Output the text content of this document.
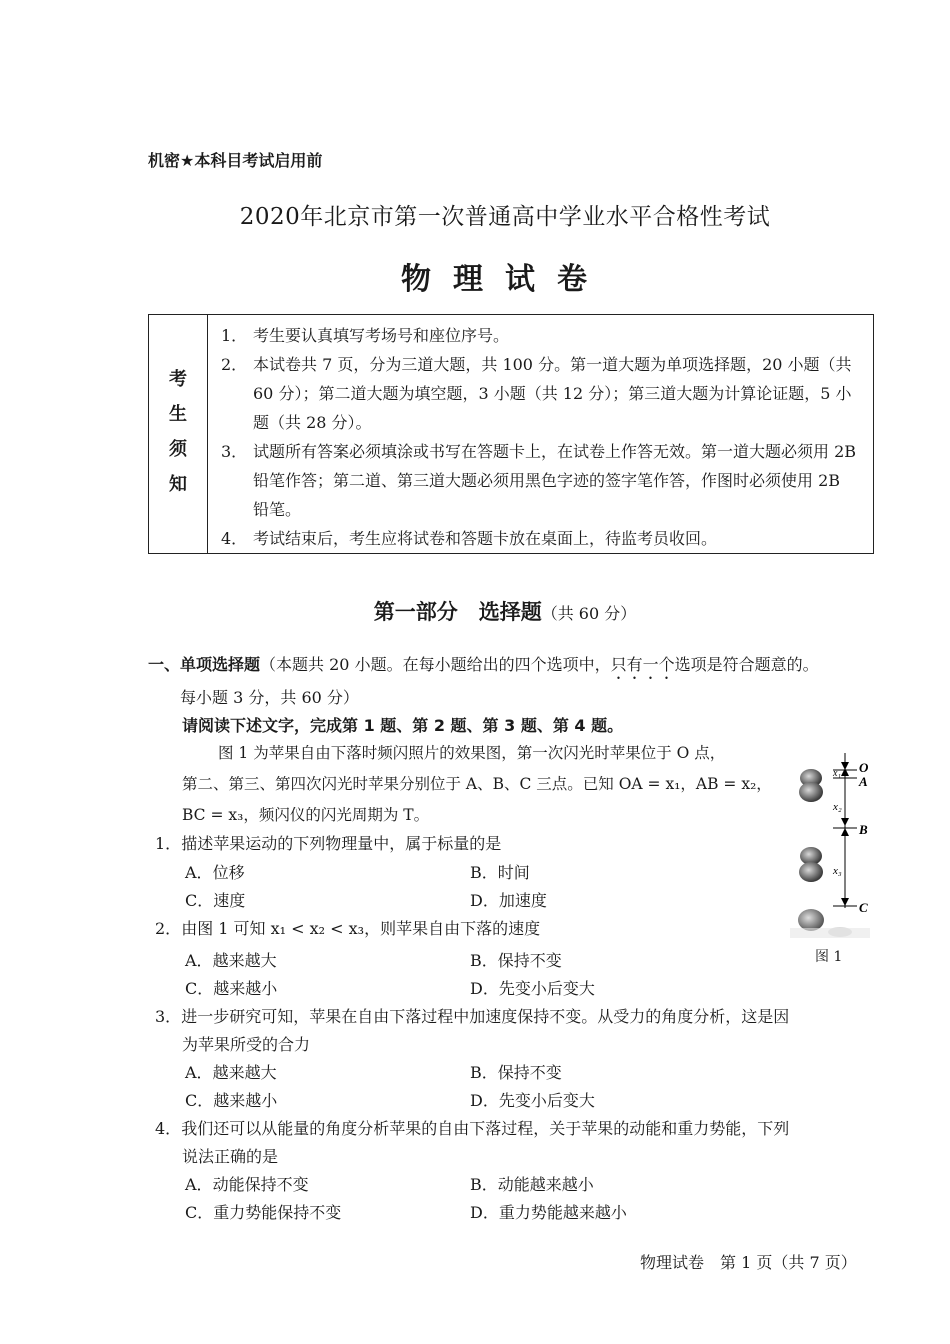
机密★本科目考试启用前
2020年北京市第一次普通高中学业水平合格性考试
物理试卷
考
生
须
知
1． 考生要认真填写考场号和座位序号。
2． 本试卷共 7 页，分为三道大题，共 100 分。第一道大题为单项选择题，20 小题（共 60 分）；第二道大题为填空题，3 小题（共 12 分）；第三道大题为计算论证题，5 小题（共 28 分）。
3． 试题所有答案必须填涂或书写在答题卡上，在试卷上作答无效。第一道大题必须用 2B 铅笔作答；第二道、第三道大题必须用黑色字迹的签字笔作答，作图时必须使用 2B 铅笔。
4． 考试结束后，考生应将试卷和答题卡放在桌面上，待监考员收回。
第一部分　选择题（共 60 分）
一、单项选择题（本题共 20 小题。在每小题给出的四个选项中，只有一个选项是符合题意的。
每小题 3 分，共 60 分）
请阅读下述文字，完成第 1 题、第 2 题、第 3 题、第 4 题。
图 1 为苹果自由下落时频闪照片的效果图，第一次闪光时苹果位于 O 点，
第二、第三、第四次闪光时苹果分别位于 A、B、C 三点。已知 OA = x₁，AB = x₂，
BC = x₃，频闪仪的闪光周期为 T。
1．描述苹果运动的下列物理量中，属于标量的是
A．位移	B．时间
C．速度	D．加速度
2．由图 1 可知 x₁ < x₂ < x₃，则苹果自由下落的速度
A．越来越大	B．保持不变
C．越来越小	D．先变小后变大
3．进一步研究可知，苹果在自由下落过程中加速度保持不变。从受力的角度分析，这是因
为苹果所受的合力
A．越来越大	B．保持不变
C．越来越小	D．先变小后变大
4．我们还可以从能量的角度分析苹果的自由下落过程，关于苹果的动能和重力势能，下列
说法正确的是
A．动能保持不变	B．动能越来越小
C．重力势能保持不变	D．重力势能越来越小
O
A
B
C
x₁
x₂
x₃
图 1
物理试卷　第 1 页（共 7 页）
